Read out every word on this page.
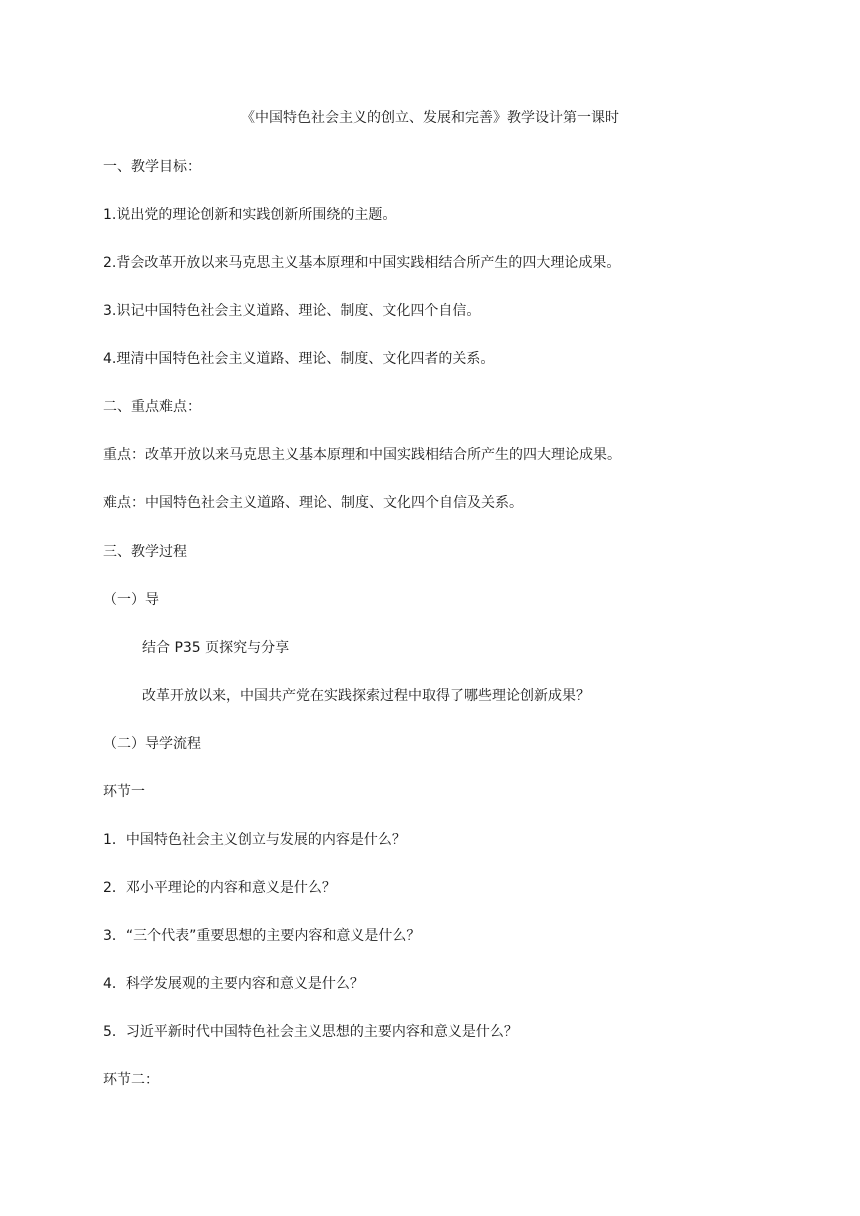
《中国特色社会主义的创立、发展和完善》教学设计第一课时
一、教学目标：
1.说出党的理论创新和实践创新所围绕的主题。
2.背会改革开放以来马克思主义基本原理和中国实践相结合所产生的四大理论成果。
3.识记中国特色社会主义道路、理论、制度、文化四个自信。
4.理清中国特色社会主义道路、理论、制度、文化四者的关系。
二、重点难点：
重点：改革开放以来马克思主义基本原理和中国实践相结合所产生的四大理论成果。
难点：中国特色社会主义道路、理论、制度、文化四个自信及关系。
三、教学过程
（一）导
结合 P35 页探究与分享
改革开放以来，中国共产党在实践探索过程中取得了哪些理论创新成果？
（二）导学流程
环节一
1．中国特色社会主义创立与发展的内容是什么？
2．邓小平理论的内容和意义是什么？
3．“三个代表”重要思想的主要内容和意义是什么？
4．科学发展观的主要内容和意义是什么？
5．习近平新时代中国特色社会主义思想的主要内容和意义是什么？
环节二：
